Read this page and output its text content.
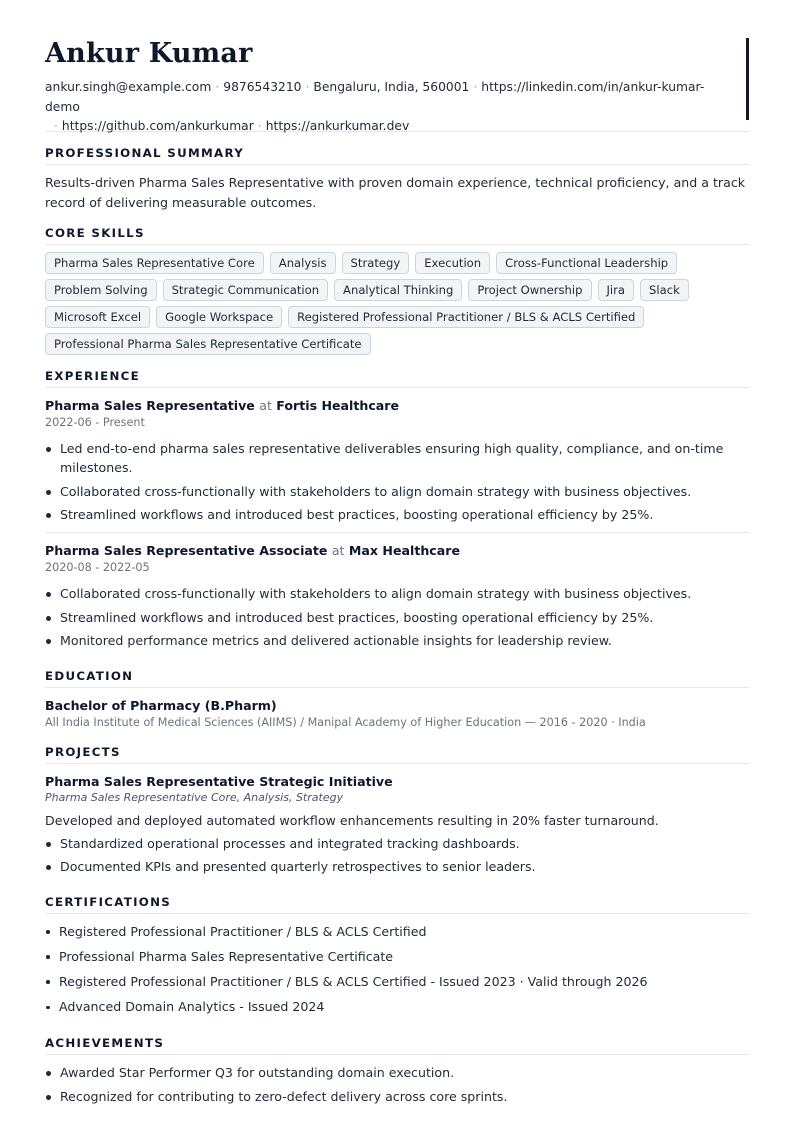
Ankur Kumar
ankur.singh@example.com · 9876543210 · Bengaluru, India, 560001 · https://linkedin.com/in/ankur-kumar-demo
· https://github.com/ankurkumar · https://ankurkumar.dev
PROFESSIONAL SUMMARY
Results-driven Pharma Sales Representative with proven domain experience, technical proficiency, and a track record of delivering measurable outcomes.
CORE SKILLS
Pharma Sales Representative Core	Analysis	Strategy	Execution	Cross-Functional Leadership
Problem Solving	Strategic Communication	Analytical Thinking	Project Ownership	Jira	Slack
Microsoft Excel	Google Workspace	Registered Professional Practitioner / BLS & ACLS Certified
Professional Pharma Sales Representative Certificate
EXPERIENCE
Pharma Sales Representative at Fortis Healthcare
2022-06 - Present
Led end-to-end pharma sales representative deliverables ensuring high quality, compliance, and on-time milestones.
Collaborated cross-functionally with stakeholders to align domain strategy with business objectives.
Streamlined workflows and introduced best practices, boosting operational efficiency by 25%.
Pharma Sales Representative Associate at Max Healthcare
2020-08 - 2022-05
Collaborated cross-functionally with stakeholders to align domain strategy with business objectives.
Streamlined workflows and introduced best practices, boosting operational efficiency by 25%.
Monitored performance metrics and delivered actionable insights for leadership review.
EDUCATION
Bachelor of Pharmacy (B.Pharm)
All India Institute of Medical Sciences (AIIMS) / Manipal Academy of Higher Education — 2016 - 2020 · India
PROJECTS
Pharma Sales Representative Strategic Initiative
Pharma Sales Representative Core, Analysis, Strategy
Developed and deployed automated workflow enhancements resulting in 20% faster turnaround.
Standardized operational processes and integrated tracking dashboards.
Documented KPIs and presented quarterly retrospectives to senior leaders.
CERTIFICATIONS
Registered Professional Practitioner / BLS & ACLS Certified
Professional Pharma Sales Representative Certificate
Registered Professional Practitioner / BLS & ACLS Certified - Issued 2023 · Valid through 2026
Advanced Domain Analytics - Issued 2024
ACHIEVEMENTS
Awarded Star Performer Q3 for outstanding domain execution.
Recognized for contributing to zero-defect delivery across core sprints.
